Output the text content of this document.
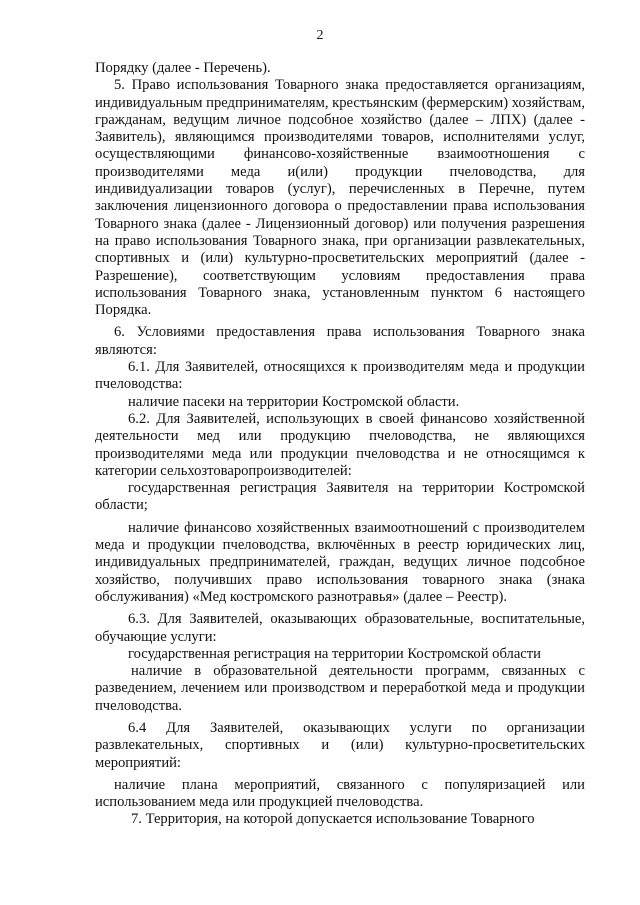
2

Порядку (далее - Перечень).

5. Право использования Товарного знака предоставляется организациям, индивидуальным предпринимателям, крестьянским (фермерским) хозяйствам, гражданам, ведущим личное подсобное хозяйство (далее – ЛПХ) (далее - Заявитель), являющимся производителями товаров, исполнителями услуг, осуществляющими финансово-хозяйственные взаимоотношения с производителями меда и(или) продукции пчеловодства, для индивидуализации товаров (услуг), перечисленных в Перечне, путем заключения лицензионного договора о предоставлении права использования Товарного знака (далее - Лицензионный договор) или получения разрешения на право использования Товарного знака, при организации развлекательных, спортивных и (или) культурно-просветительских мероприятий (далее - Разрешение), соответствующим условиям предоставления права использования Товарного знака, установленным пунктом 6 настоящего Порядка.

6. Условиями предоставления права использования Товарного знака являются:

6.1. Для Заявителей, относящихся к производителям меда и продукции пчеловодства:

наличие пасеки на территории Костромской области.

6.2. Для Заявителей, использующих в своей финансово хозяйственной деятельности мед или продукцию пчеловодства, не являющихся производителями меда или продукции пчеловодства и не относящимся к категории сельхозтоваропроизводителей:

государственная регистрация Заявителя на территории Костромской области;

наличие финансово хозяйственных взаимоотношений с производителем меда и продукции пчеловодства, включённых в реестр юридических лиц, индивидуальных предпринимателей, граждан, ведущих личное подсобное хозяйство, получивших право использования товарного знака (знака обслуживания) «Мед костромского разнотравья» (далее – Реестр).

6.3. Для Заявителей, оказывающих образовательные, воспитательные, обучающие услуги:

государственная регистрация на территории Костромской области

наличие в образовательной деятельности программ, связанных с разведением, лечением или производством и переработкой меда и продукции пчеловодства.

6.4 Для Заявителей, оказывающих услуги по организации развлекательных, спортивных и (или) культурно-просветительских мероприятий:

наличие плана мероприятий, связанного с популяризацией или использованием меда или продукцией пчеловодства.

7. Территория, на которой допускается использование Товарного
